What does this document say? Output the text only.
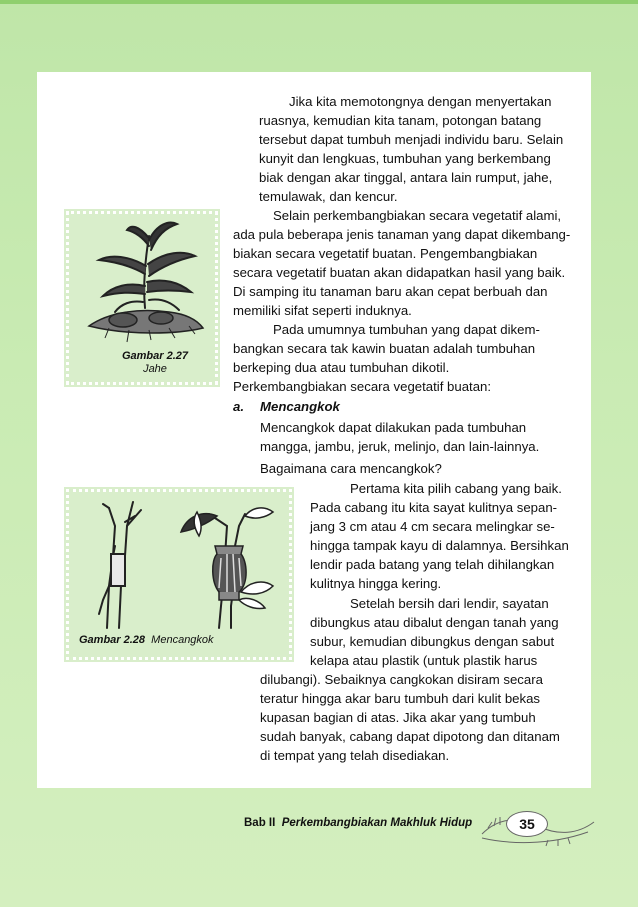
Jika kita memotongnya dengan menyertakan
ruasnya, kemudian kita tanam, potongan batang
tersebut dapat tumbuh menjadi individu baru. Selain
kunyit dan lengkuas, tumbuhan yang berkembang
biak dengan akar tinggal, antara lain rumput, jahe,
temulawak, dan kencur.
Gambar 2.27
Jahe
Selain perkembangbiakan secara vegetatif alami,
ada pula beberapa jenis tanaman yang dapat dikembang-
biakan secara vegetatif buatan. Pengembangbiakan
secara vegetatif buatan akan didapatkan hasil yang baik.
Di samping itu tanaman baru akan cepat berbuah dan
memiliki sifat seperti induknya.
Pada umumnya tumbuhan yang dapat dikem-
bangkan secara tak kawin buatan adalah tumbuhan
berkeping dua atau tumbuhan dikotil.
Perkembangbiakan secara vegetatif buatan:
a. Mencangkok
Mencangkok dapat dilakukan pada tumbuhan
mangga, jambu, jeruk, melinjo, dan lain-lainnya.
Bagaimana cara mencangkok?
Gambar 2.28 Mencangkok
Pertama kita pilih cabang yang baik.
Pada cabang itu kita sayat kulitnya sepan-
jang 3 cm atau 4 cm secara melingkar se-
hingga tampak kayu di dalamnya. Bersihkan
lendir pada batang yang telah dihilangkan
kulitnya hingga kering.
Setelah bersih dari lendir, sayatan
dibungkus atau dibalut dengan tanah yang
subur, kemudian dibungkus dengan sabut
kelapa atau plastik (untuk plastik harus
dilubangi). Sebaiknya cangkokan disiram secara
teratur hingga akar baru tumbuh dari kulit bekas
kupasan bagian di atas. Jika akar yang tumbuh
sudah banyak, cabang dapat dipotong dan ditanam
di tempat yang telah disediakan.
Bab II Perkembangbiakan Makhluk Hidup	35
